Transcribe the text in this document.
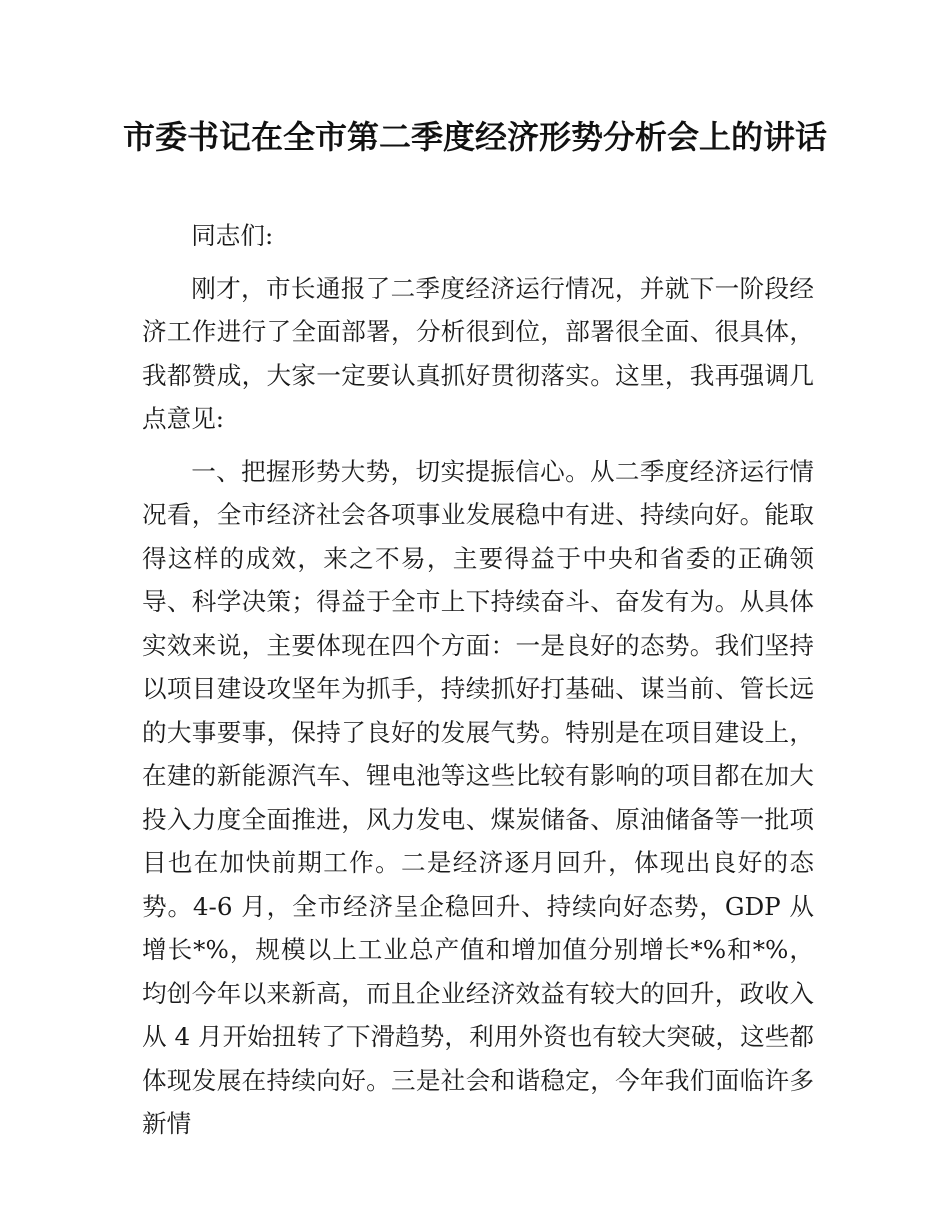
市委书记在全市第二季度经济形势分析会上的讲话

同志们:

刚才，市长通报了二季度经济运行情况，并就下一阶段经济工作进行了全面部署，分析很到位，部署很全面、很具体，我都赞成，大家一定要认真抓好贯彻落实。这里，我再强调几点意见:

一、把握形势大势，切实提振信心。从二季度经济运行情况看，全市经济社会各项事业发展稳中有进、持续向好。能取得这样的成效，来之不易，主要得益于中央和省委的正确领导、科学决策；得益于全市上下持续奋斗、奋发有为。从具体实效来说，主要体现在四个方面：一是良好的态势。我们坚持以项目建设攻坚年为抓手，持续抓好打基础、谋当前、管长远的大事要事，保持了良好的发展气势。特别是在项目建设上，在建的新能源汽车、锂电池等这些比较有影响的项目都在加大投入力度全面推进，风力发电、煤炭储备、原油储备等一批项目也在加快前期工作。二是经济逐月回升，体现出良好的态势。4-6 月，全市经济呈企稳回升、持续向好态势，GDP 从增长*%，规模以上工业总产值和增加值分别增长*%和*%，均创今年以来新高，而且企业经济效益有较大的回升，政收入从 4 月开始扭转了下滑趋势，利用外资也有较大突破，这些都体现发展在持续向好。三是社会和谐稳定，今年我们面临许多新情
